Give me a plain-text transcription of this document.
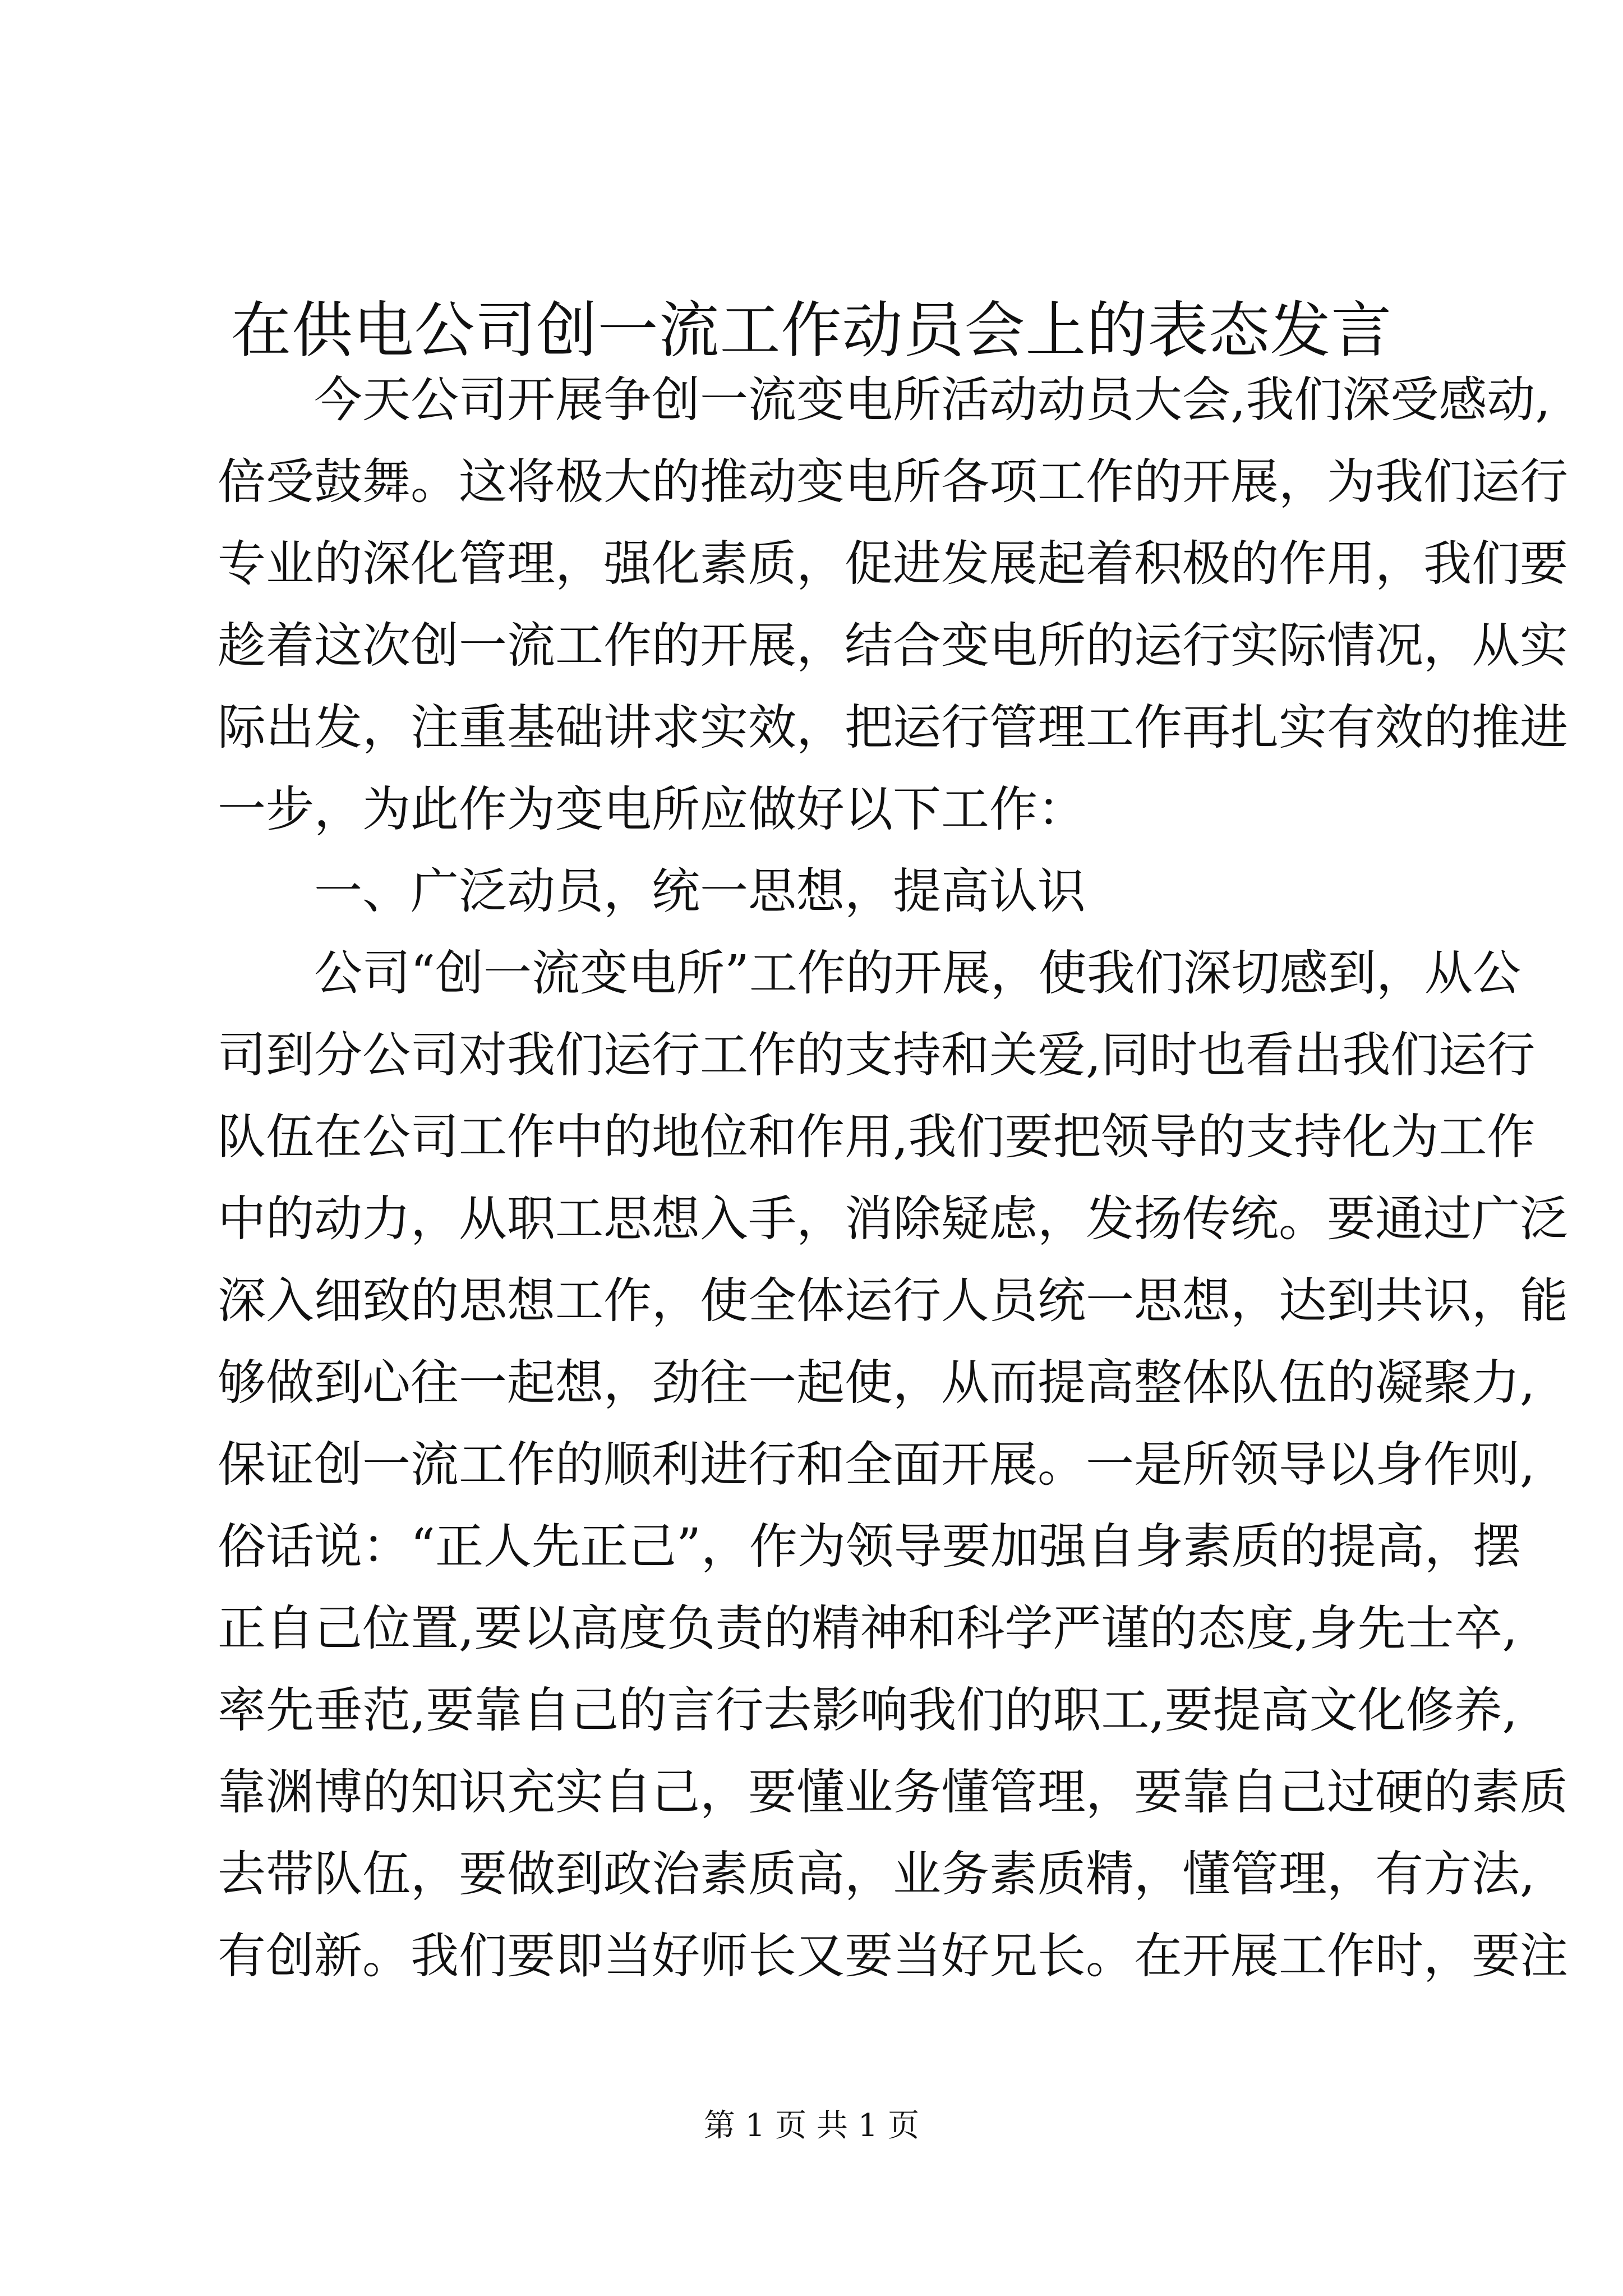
在供电公司创一流工作动员会上的表态发言
今天公司开展争创一流变电所活动动员大会,我们深受感动,
倍受鼓舞。这将极大的推动变电所各项工作的开展，为我们运行
专业的深化管理，强化素质，促进发展起着积极的作用，我们要
趁着这次创一流工作的开展，结合变电所的运行实际情况，从实
际出发，注重基础讲求实效，把运行管理工作再扎实有效的推进
一步，为此作为变电所应做好以下工作：
一、广泛动员，统一思想，提高认识
公司“创一流变电所”工作的开展，使我们深切感到，从公
司到分公司对我们运行工作的支持和关爱,同时也看出我们运行
队伍在公司工作中的地位和作用,我们要把领导的支持化为工作
中的动力，从职工思想入手，消除疑虑，发扬传统。要通过广泛
深入细致的思想工作，使全体运行人员统一思想，达到共识，能
够做到心往一起想，劲往一起使，从而提高整体队伍的凝聚力,
保证创一流工作的顺利进行和全面开展。一是所领导以身作则,
俗话说：“正人先正己”，作为领导要加强自身素质的提高，摆
正自己位置,要以高度负责的精神和科学严谨的态度,身先士卒,
率先垂范,要靠自己的言行去影响我们的职工,要提高文化修养,
靠渊博的知识充实自己，要懂业务懂管理，要靠自己过硬的素质
去带队伍，要做到政治素质高，业务素质精，懂管理，有方法,
有创新。我们要即当好师长又要当好兄长。在开展工作时，要注
第 1 页 共 1 页
